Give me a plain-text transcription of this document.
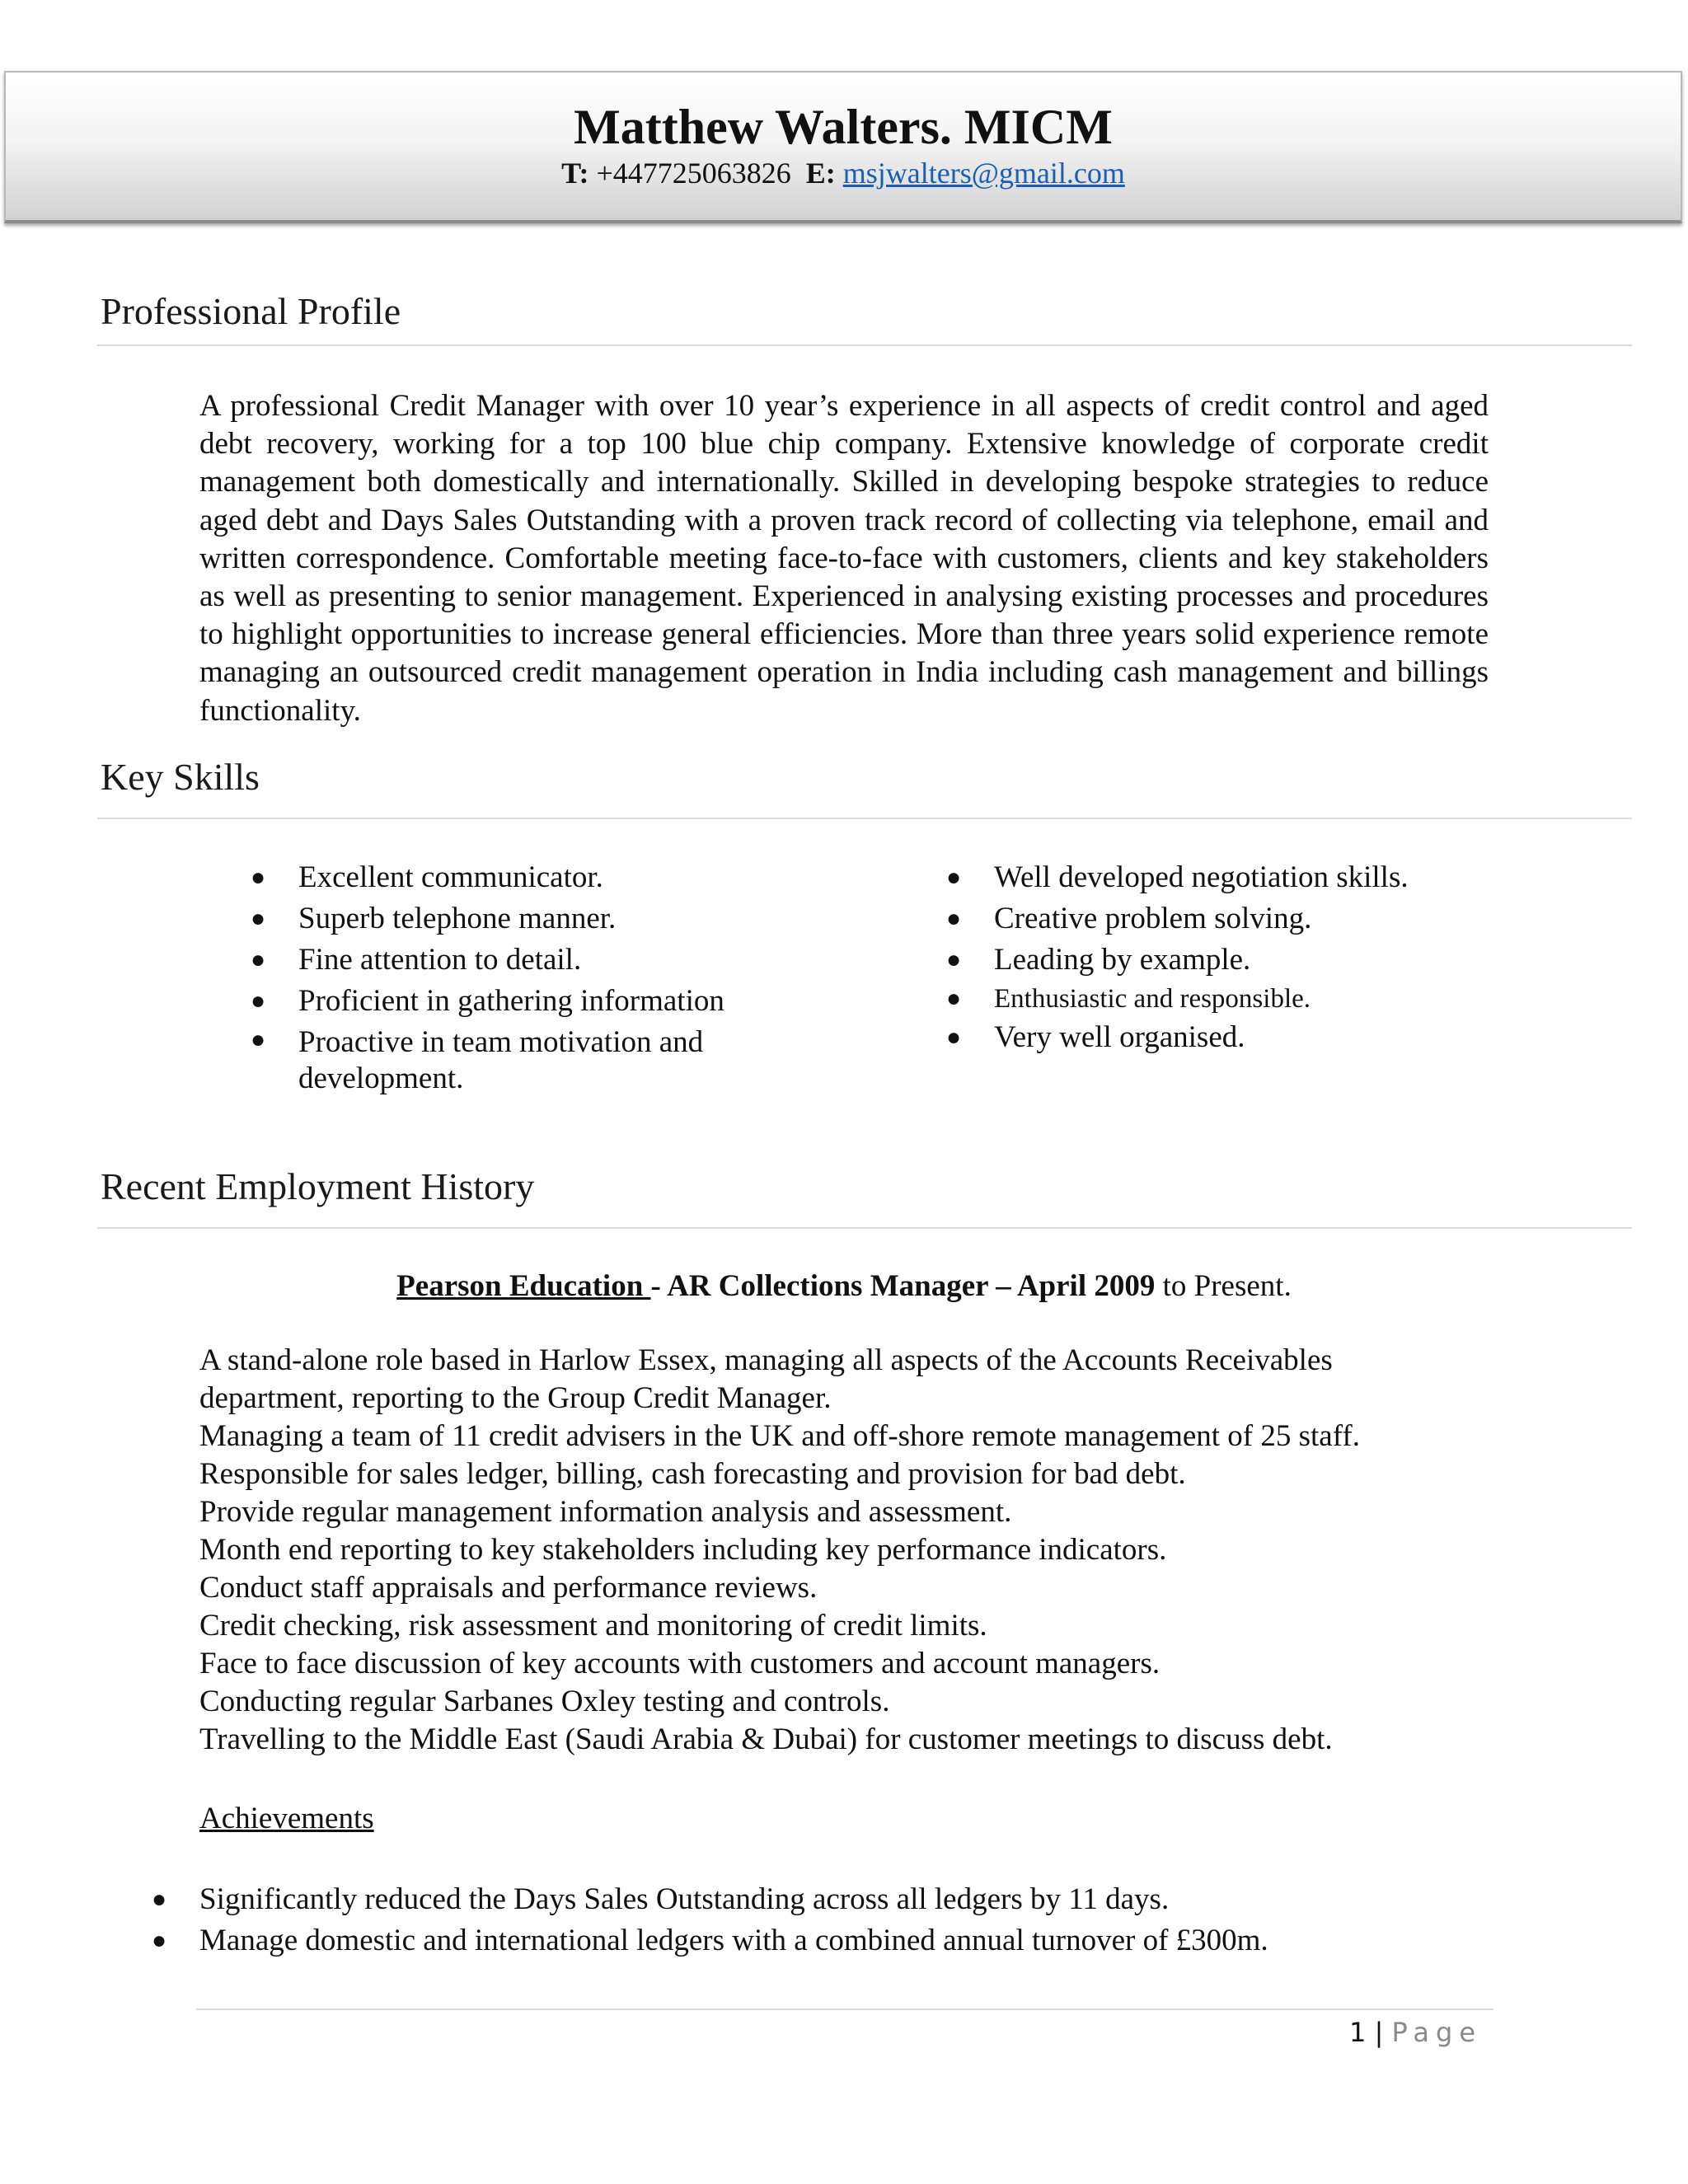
Matthew Walters. MICM
T: +447725063826 E: msjwalters@gmail.com
Professional Profile
A professional Credit Manager with over 10 year’s experience in all aspects of credit control and aged debt recovery, working for a top 100 blue chip company. Extensive knowledge of corporate credit management both domestically and internationally. Skilled in developing bespoke strategies to reduce aged debt and Days Sales Outstanding with a proven track record of collecting via telephone, email and written correspondence. Comfortable meeting face-to-face with customers, clients and key stakeholders as well as presenting to senior management. Experienced in analysing existing processes and procedures to highlight opportunities to increase general efficiencies. More than three years solid experience remote managing an outsourced credit management operation in India including cash management and billings functionality.
Key Skills
● Excellent communicator.
● Superb telephone manner.
● Fine attention to detail.
● Proficient in gathering information
● Proactive in team motivation and development.
● Well developed negotiation skills.
● Creative problem solving.
● Leading by example.
● Enthusiastic and responsible.
● Very well organised.
Recent Employment History
Pearson Education - AR Collections Manager – April 2009 to Present.
A stand-alone role based in Harlow Essex, managing all aspects of the Accounts Receivables department, reporting to the Group Credit Manager.
Managing a team of 11 credit advisers in the UK and off-shore remote management of 25 staff.
Responsible for sales ledger, billing, cash forecasting and provision for bad debt.
Provide regular management information analysis and assessment.
Month end reporting to key stakeholders including key performance indicators.
Conduct staff appraisals and performance reviews.
Credit checking, risk assessment and monitoring of credit limits.
Face to face discussion of key accounts with customers and account managers.
Conducting regular Sarbanes Oxley testing and controls.
Travelling to the Middle East (Saudi Arabia & Dubai) for customer meetings to discuss debt.
Achievements
● Significantly reduced the Days Sales Outstanding across all ledgers by 11 days.
● Manage domestic and international ledgers with a combined annual turnover of £300m.
1 | Page
